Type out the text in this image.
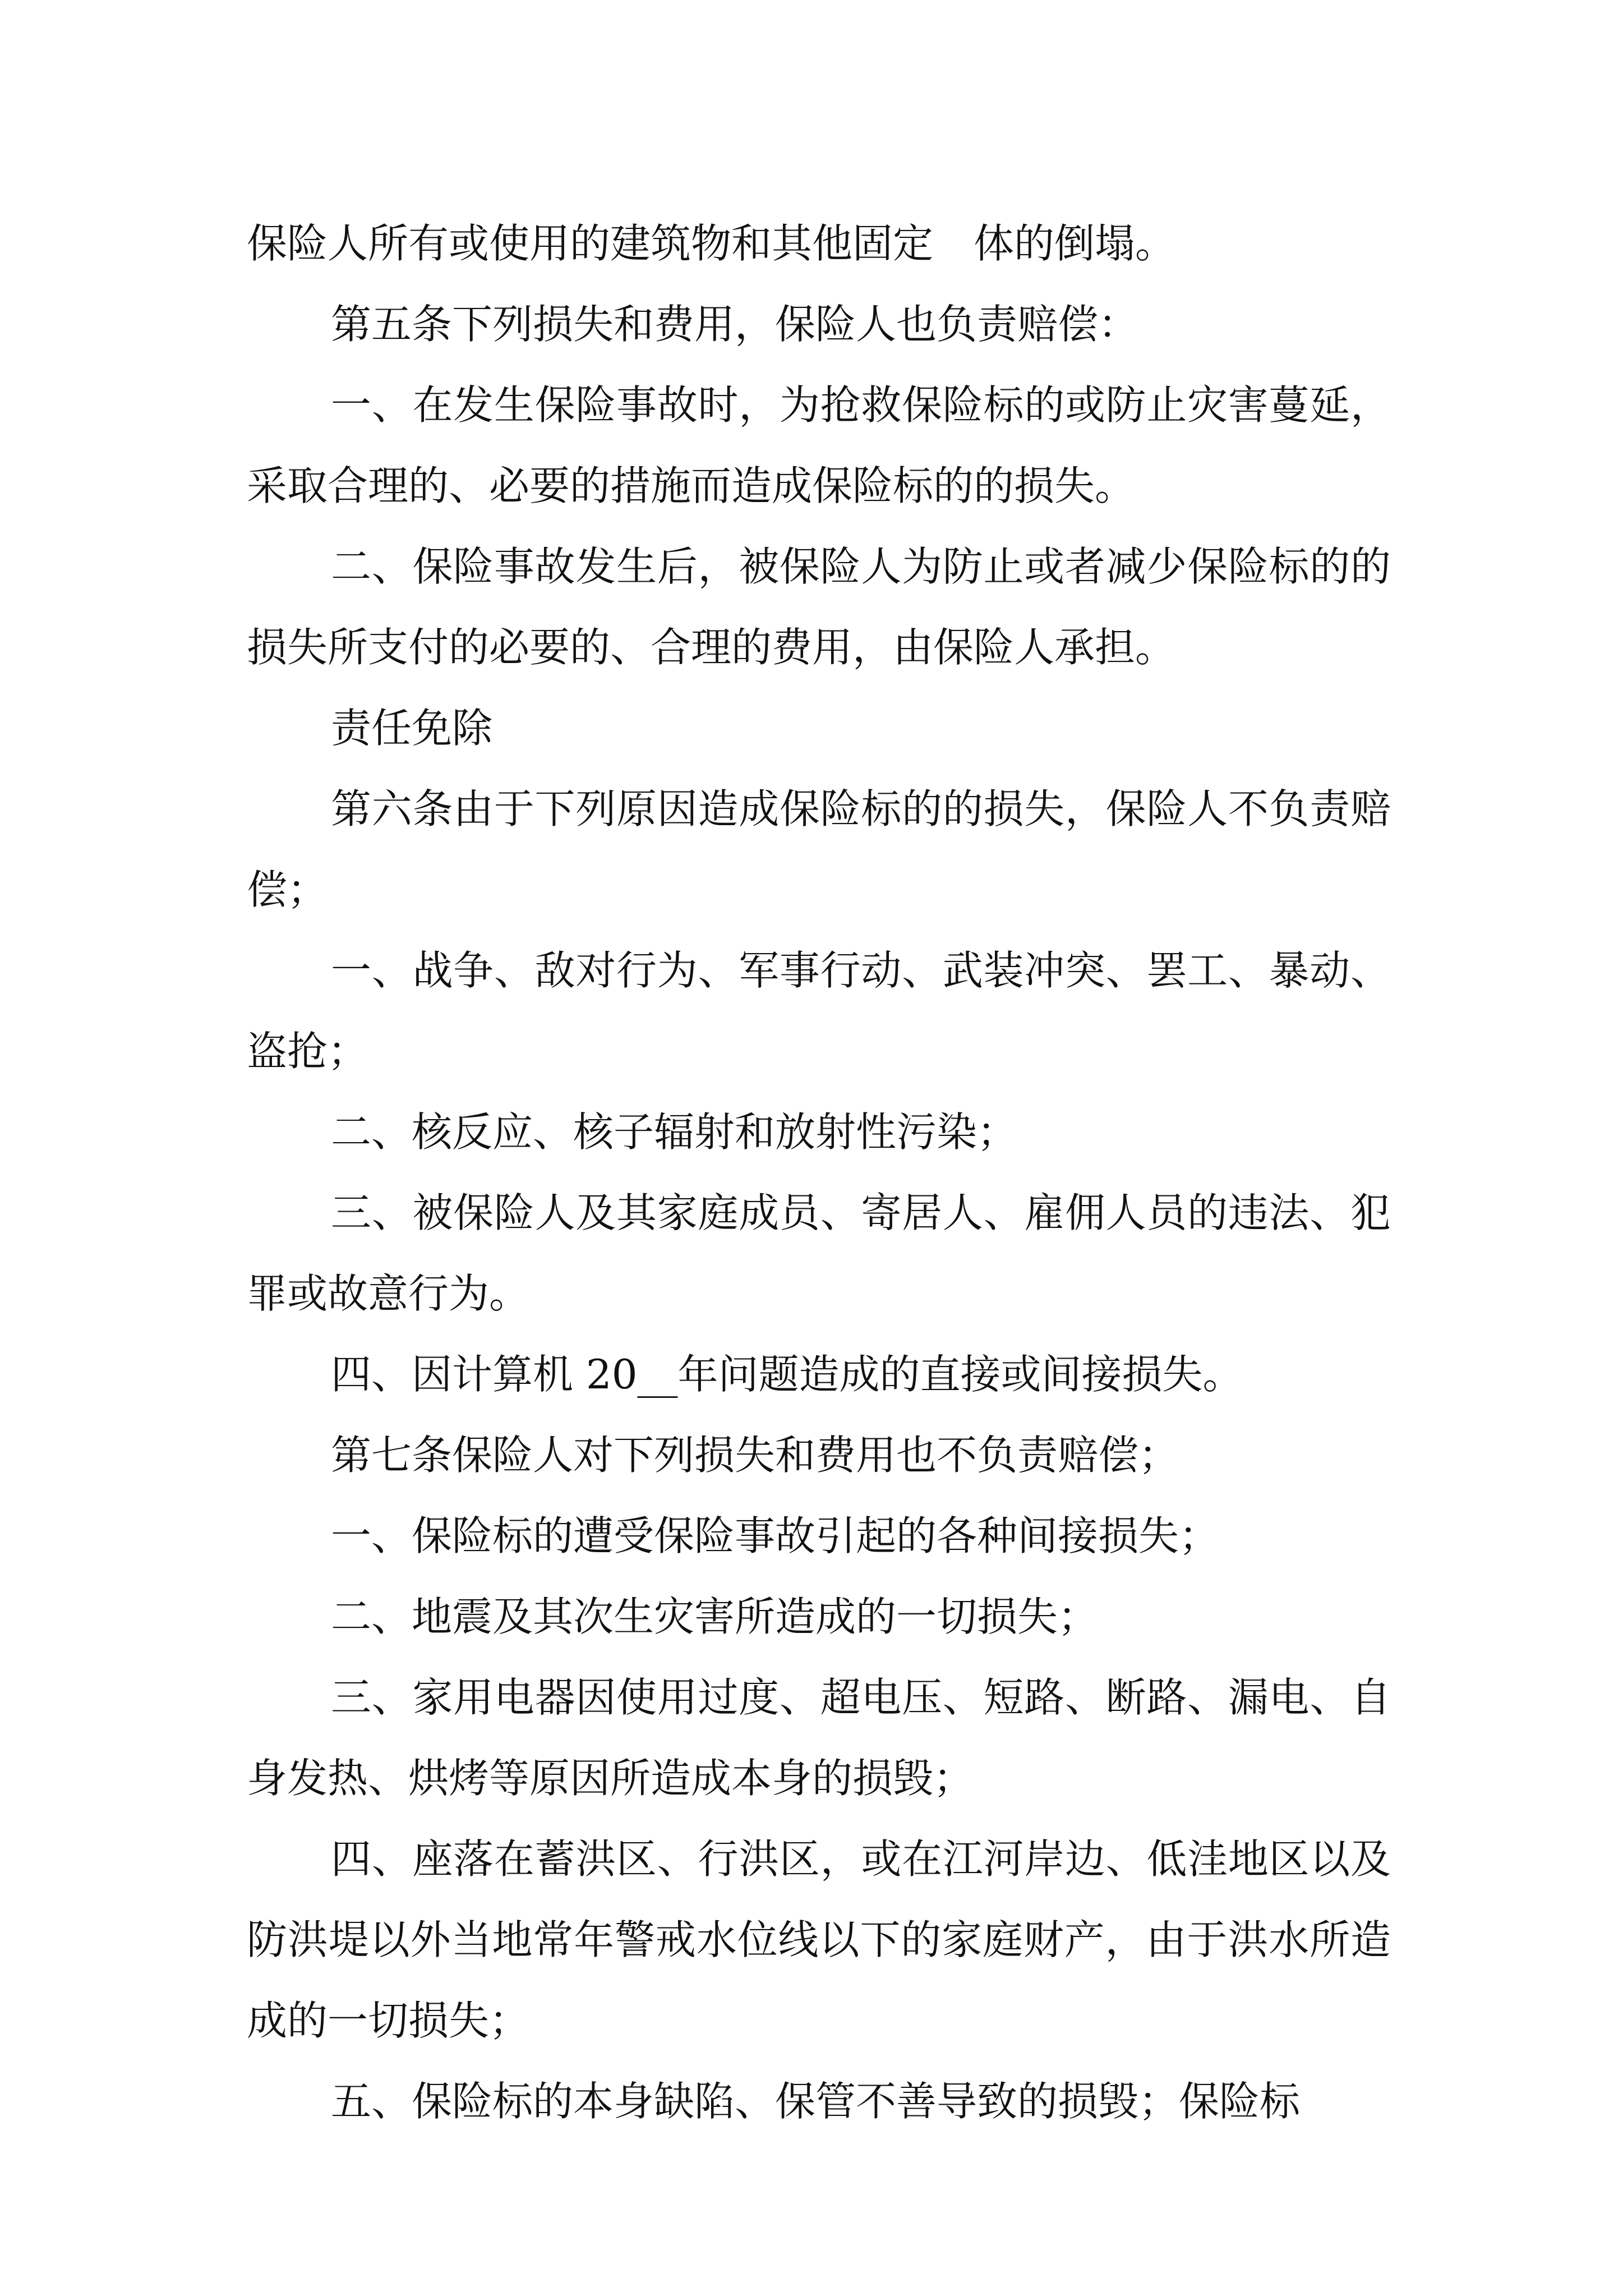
保险人所有或使用的建筑物和其他固定　体的倒塌。

第五条下列损失和费用，保险人也负责赔偿：

一、在发生保险事故时，为抢救保险标的或防止灾害蔓延，采取合理的、必要的措施而造成保险标的的损失。

二、保险事故发生后，被保险人为防止或者减少保险标的的损失所支付的必要的、合理的费用，由保险人承担。

责任免除

第六条由于下列原因造成保险标的的损失，保险人不负责赔偿；

一、战争、敌对行为、军事行动、武装冲突、罢工、暴动、盗抢；

二、核反应、核子辐射和放射性污染；

三、被保险人及其家庭成员、寄居人、雇佣人员的违法、犯罪或故意行为。

四、因计算机 20__年问题造成的直接或间接损失。

第七条保险人对下列损失和费用也不负责赔偿；

一、保险标的遭受保险事故引起的各种间接损失；

二、地震及其次生灾害所造成的一切损失；

三、家用电器因使用过度、超电压、短路、断路、漏电、自身发热、烘烤等原因所造成本身的损毁；

四、座落在蓄洪区、行洪区，或在江河岸边、低洼地区以及防洪堤以外当地常年警戒水位线以下的家庭财产，由于洪水所造成的一切损失；

五、保险标的本身缺陷、保管不善导致的损毁；保险标
